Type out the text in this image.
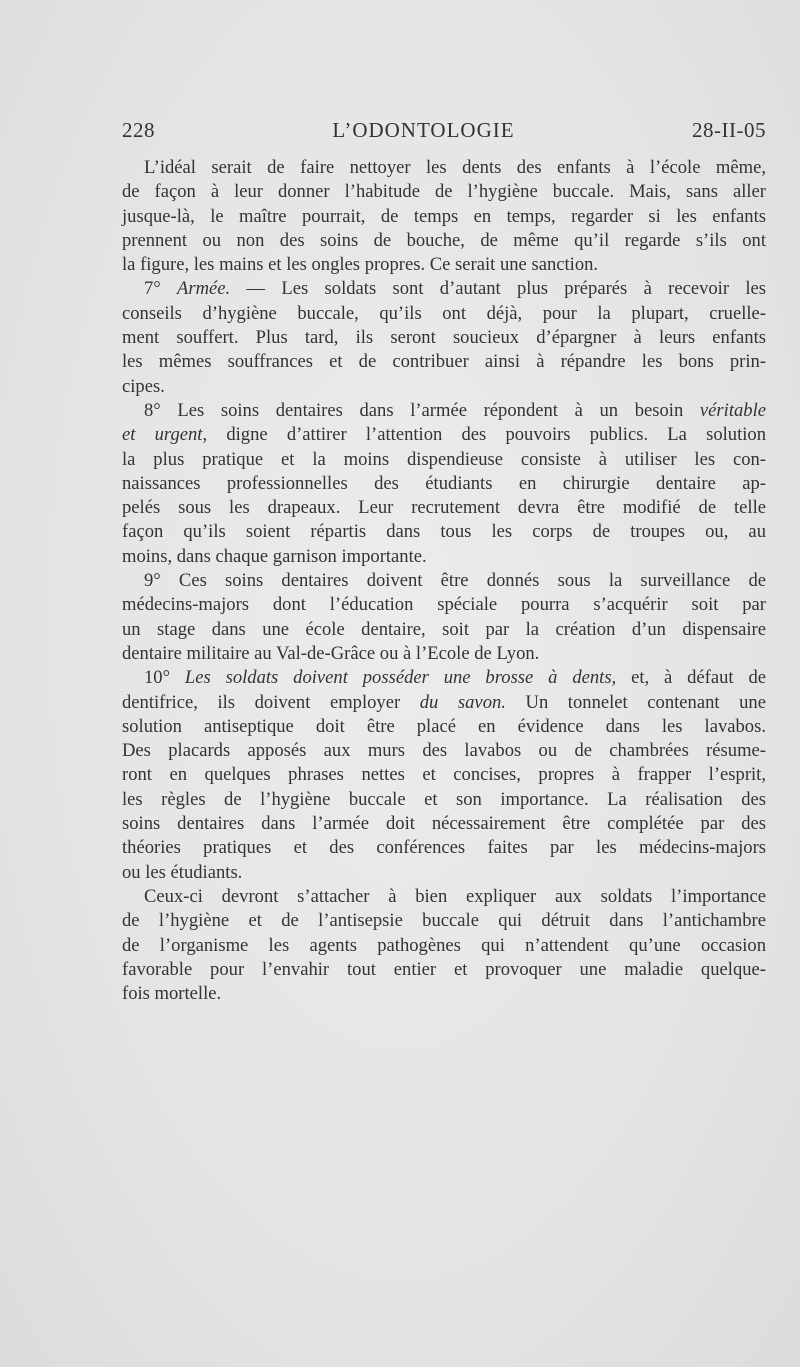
228	L’ODONTOLOGIE	28-II-05
L’idéal serait de faire nettoyer les dents des enfants à l’école même,
de façon à leur donner l’habitude de l’hygiène buccale. Mais, sans aller
jusque-là, le maître pourrait, de temps en temps, regarder si les enfants
prennent ou non des soins de bouche, de même qu’il regarde s’ils ont
la figure, les mains et les ongles propres. Ce serait une sanction.
7° Armée. — Les soldats sont d’autant plus préparés à recevoir les
conseils d’hygiène buccale, qu’ils ont déjà, pour la plupart, cruelle-
ment souffert. Plus tard, ils seront soucieux d’épargner à leurs enfants
les mêmes souffrances et de contribuer ainsi à répandre les bons prin-
cipes.
8° Les soins dentaires dans l’armée répondent à un besoin véritable
et urgent, digne d’attirer l’attention des pouvoirs publics. La solution
la plus pratique et la moins dispendieuse consiste à utiliser les con-
naissances professionnelles des étudiants en chirurgie dentaire ap-
pelés sous les drapeaux. Leur recrutement devra être modifié de telle
façon qu’ils soient répartis dans tous les corps de troupes ou, au
moins, dans chaque garnison importante.
9° Ces soins dentaires doivent être donnés sous la surveillance de
médecins-majors dont l’éducation spéciale pourra s’acquérir soit par
un stage dans une école dentaire, soit par la création d’un dispensaire
dentaire militaire au Val-de-Grâce ou à l’Ecole de Lyon.
10° Les soldats doivent posséder une brosse à dents, et, à défaut de
dentifrice, ils doivent employer du savon. Un tonnelet contenant une
solution antiseptique doit être placé en évidence dans les lavabos.
Des placards apposés aux murs des lavabos ou de chambrées résume-
ront en quelques phrases nettes et concises, propres à frapper l’esprit,
les règles de l’hygiène buccale et son importance. La réalisation des
soins dentaires dans l’armée doit nécessairement être complétée par des
théories pratiques et des conférences faites par les médecins-majors
ou les étudiants.
Ceux-ci devront s’attacher à bien expliquer aux soldats l’importance
de l’hygiène et de l’antisepsie buccale qui détruit dans l’antichambre
de l’organisme les agents pathogènes qui n’attendent qu’une occasion
favorable pour l’envahir tout entier et provoquer une maladie quelque-
fois mortelle.
